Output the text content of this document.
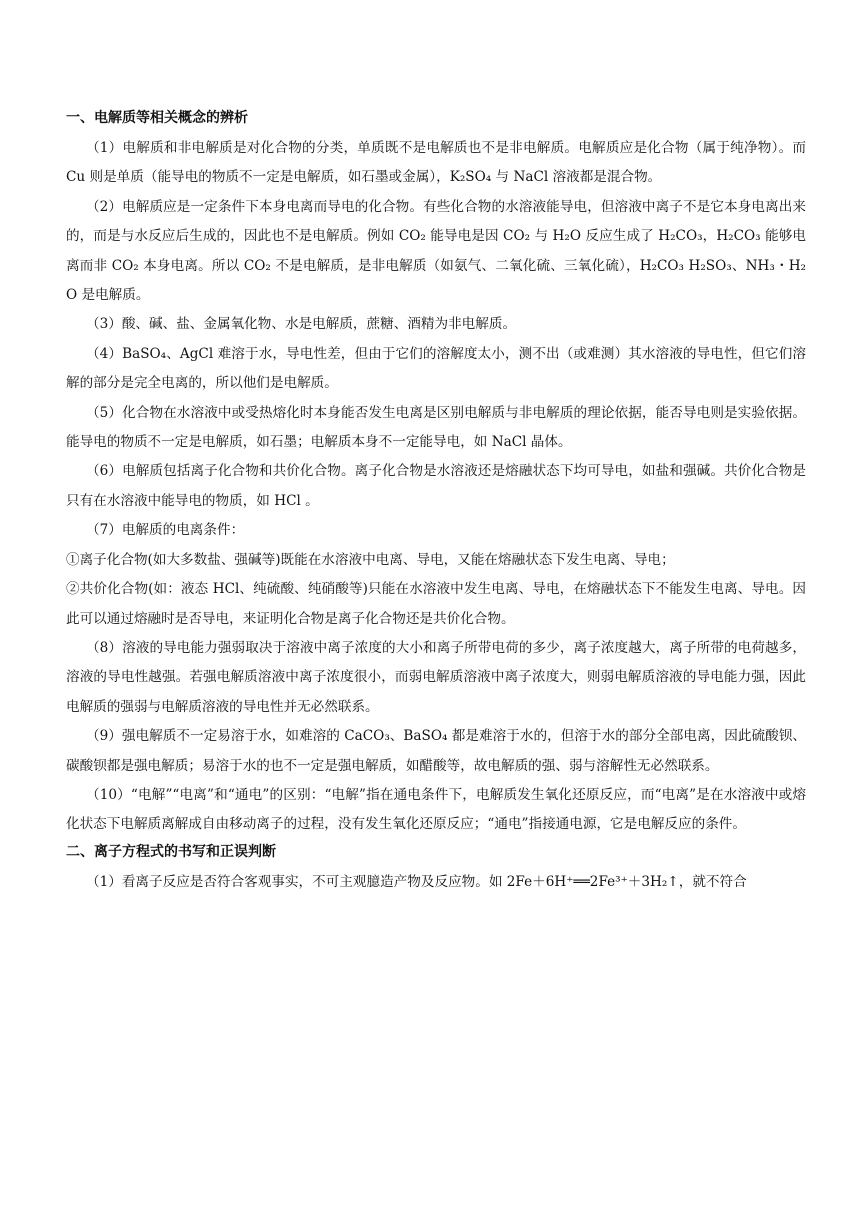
一、电解质等相关概念的辨析

（1）电解质和非电解质是对化合物的分类，单质既不是电解质也不是非电解质。电解质应是化合物（属于纯净物）。而 Cu 则是单质（能导电的物质不一定是电解质，如石墨或金属），K₂SO₄ 与 NaCl 溶液都是混合物。

（2）电解质应是一定条件下本身电离而导电的化合物。有些化合物的水溶液能导电，但溶液中离子不是它本身电离出来的，而是与水反应后生成的，因此也不是电解质。例如 CO₂ 能导电是因 CO₂ 与 H₂O 反应生成了 H₂CO₃，H₂CO₃ 能够电离而非 CO₂ 本身电离。所以 CO₂ 不是电解质，是非电解质（如氨气、二氧化硫、三氧化硫），H₂CO₃ H₂SO₃、NH₃・H₂O 是电解质。

（3）酸、碱、盐、金属氧化物、水是电解质，蔗糖、酒精为非电解质。

（4）BaSO₄、AgCl 难溶于水，导电性差，但由于它们的溶解度太小，测不出（或难测）其水溶液的导电性，但它们溶解的部分是完全电离的，所以他们是电解质。

（5）化合物在水溶液中或受热熔化时本身能否发生电离是区别电解质与非电解质的理论依据，能否导电则是实验依据。能导电的物质不一定是电解质，如石墨；电解质本身不一定能导电，如 NaCl 晶体。

（6）电解质包括离子化合物和共价化合物。离子化合物是水溶液还是熔融状态下均可导电，如盐和强碱。共价化合物是只有在水溶液中能导电的物质，如 HCl 。

（7）电解质的电离条件：

①离子化合物(如大多数盐、强碱等)既能在水溶液中电离、导电，又能在熔融状态下发生电离、导电；

②共价化合物(如：液态 HCl、纯硫酸、纯硝酸等)只能在水溶液中发生电离、导电，在熔融状态下不能发生电离、导电。因此可以通过熔融时是否导电，来证明化合物是离子化合物还是共价化合物。

（8）溶液的导电能力强弱取决于溶液中离子浓度的大小和离子所带电荷的多少，离子浓度越大，离子所带的电荷越多，溶液的导电性越强。若强电解质溶液中离子浓度很小，而弱电解质溶液中离子浓度大，则弱电解质溶液的导电能力强，因此电解质的强弱与电解质溶液的导电性并无必然联系。

（9）强电解质不一定易溶于水，如难溶的 CaCO₃、BaSO₄ 都是难溶于水的，但溶于水的部分全部电离，因此硫酸钡、碳酸钡都是强电解质；易溶于水的也不一定是强电解质，如醋酸等，故电解质的强、弱与溶解性无必然联系。

（10）“电解”“电离”和“通电”的区别：“电解”指在通电条件下，电解质发生氧化还原反应，而“电离”是在水溶液中或熔化状态下电解质离解成自由移动离子的过程，没有发生氧化还原反应；“通电”指接通电源，它是电解反应的条件。

二、离子方程式的书写和正误判断

（1）看离子反应是否符合客观事实，不可主观臆造产物及反应物。如 2Fe＋6H⁺══2Fe³⁺＋3H₂↑，就不符合
